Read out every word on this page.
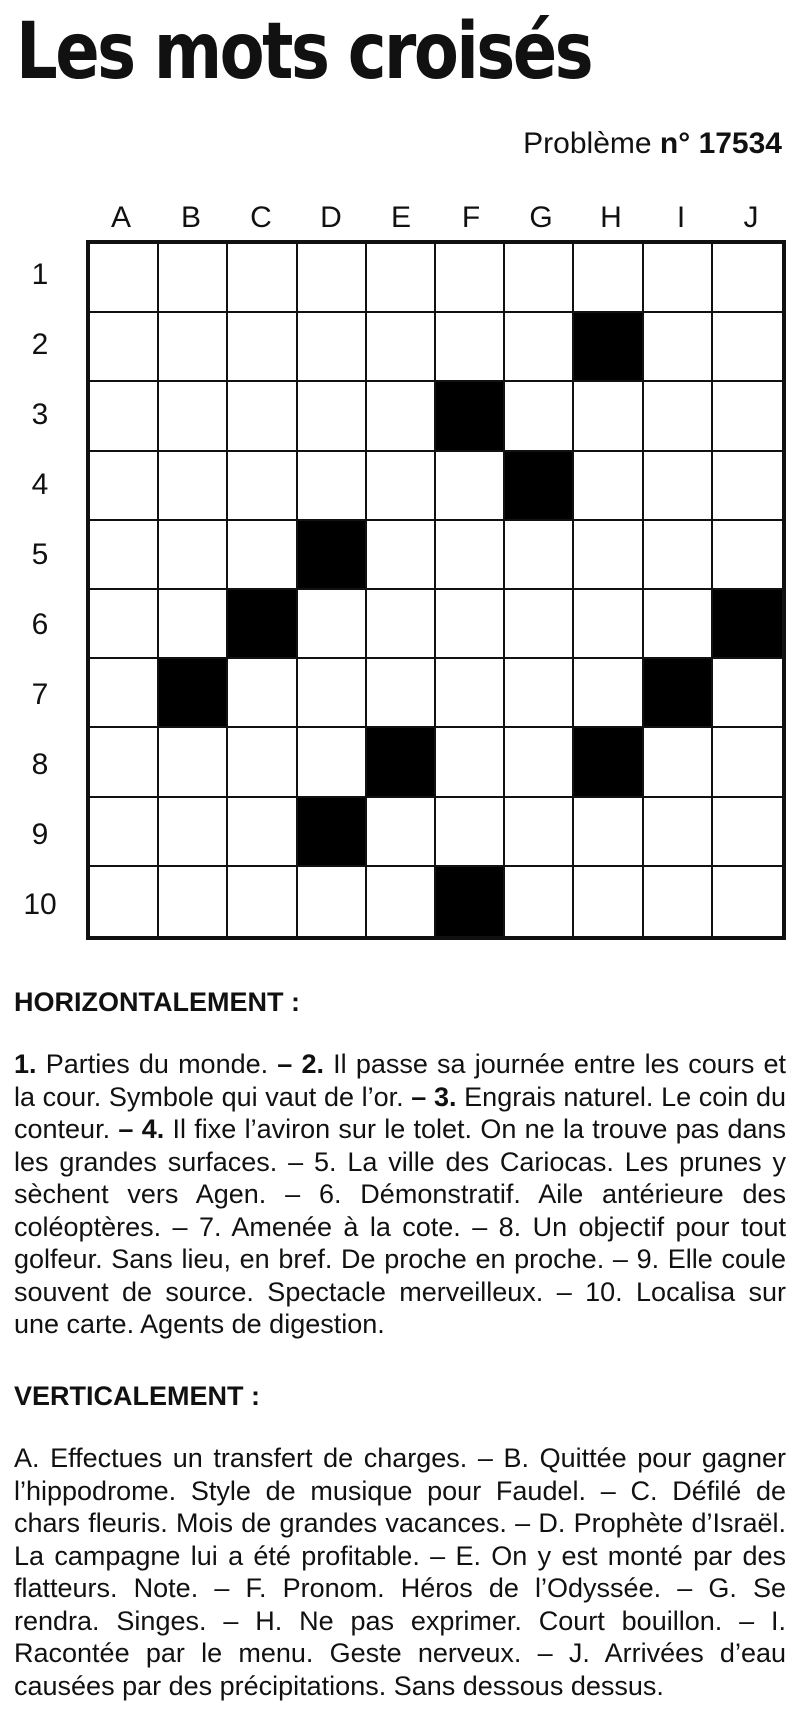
Les mots croisés
Problème n° 17534
A	B	C	D	E	F	G	H	I	J
1
2
3
4
5
6
7
8
9
10
HORIZONTALEMENT :
1. Parties du monde. – 2. Il passe sa journée entre les cours et la cour. Symbole qui vaut de l’or. – 3. Engrais naturel. Le coin du conteur. – 4. Il fixe l’aviron sur le tolet. On ne la trouve pas dans les grandes surfaces. – 5. La ville des Cariocas. Les prunes y sèchent vers Agen. – 6. Démonstratif. Aile antérieure des coléoptères. – 7. Amenée à la cote. – 8. Un objectif pour tout golfeur. Sans lieu, en bref. De proche en proche. – 9. Elle coule souvent de source. Spectacle merveilleux. – 10. Localisa sur une carte. Agents de digestion.
VERTICALEMENT :
A. Effectues un transfert de charges. – B. Quittée pour gagner l’hippodrome. Style de musique pour Faudel. – C. Défilé de chars fleuris. Mois de grandes vacances. – D. Prophète d’Israël. La campagne lui a été profitable. – E. On y est monté par des flatteurs. Note. – F. Pronom. Héros de l’Odyssée. – G. Se rendra. Singes. – H. Ne pas exprimer. Court bouillon. – I. Racontée par le menu. Geste nerveux. – J. Arrivées d’eau causées par des précipitations. Sans dessous dessus.
